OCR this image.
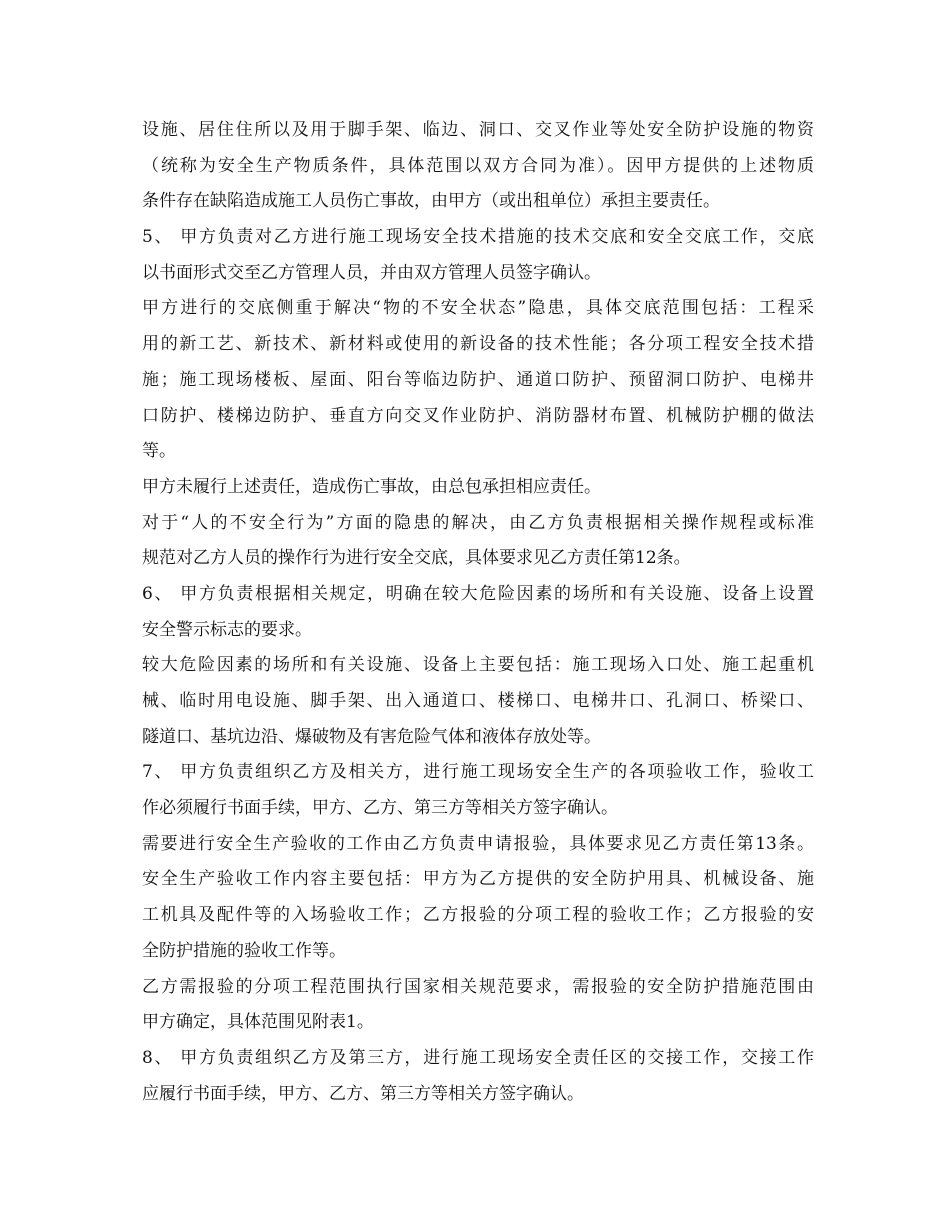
设施、居住住所以及用于脚手架、临边、洞口、交叉作业等处安全防护设施的物资
（统称为安全生产物质条件，具体范围以双方合同为准）。因甲方提供的上述物质
条件存在缺陷造成施工人员伤亡事故，由甲方（或出租单位）承担主要责任。
5、 甲方负责对乙方进行施工现场安全技术措施的技术交底和安全交底工作，交底
以书面形式交至乙方管理人员，并由双方管理人员签字确认。
甲方进行的交底侧重于解决“物的不安全状态”隐患，具体交底范围包括：工程采
用的新工艺、新技术、新材料或使用的新设备的技术性能；各分项工程安全技术措
施；施工现场楼板、屋面、阳台等临边防护、通道口防护、预留洞口防护、电梯井
口防护、楼梯边防护、垂直方向交叉作业防护、消防器材布置、机械防护棚的做法
等。
甲方未履行上述责任，造成伤亡事故，由总包承担相应责任。
对于“人的不安全行为”方面的隐患的解决，由乙方负责根据相关操作规程或标准
规范对乙方人员的操作行为进行安全交底，具体要求见乙方责任第12条。
6、 甲方负责根据相关规定，明确在较大危险因素的场所和有关设施、设备上设置
安全警示标志的要求。
较大危险因素的场所和有关设施、设备上主要包括：施工现场入口处、施工起重机
械、临时用电设施、脚手架、出入通道口、楼梯口、电梯井口、孔洞口、桥梁口、
隧道口、基坑边沿、爆破物及有害危险气体和液体存放处等。
7、 甲方负责组织乙方及相关方，进行施工现场安全生产的各项验收工作，验收工
作必须履行书面手续，甲方、乙方、第三方等相关方签字确认。
需要进行安全生产验收的工作由乙方负责申请报验，具体要求见乙方责任第13条。
安全生产验收工作内容主要包括：甲方为乙方提供的安全防护用具、机械设备、施
工机具及配件等的入场验收工作；乙方报验的分项工程的验收工作；乙方报验的安
全防护措施的验收工作等。
乙方需报验的分项工程范围执行国家相关规范要求，需报验的安全防护措施范围由
甲方确定，具体范围见附表1。
8、 甲方负责组织乙方及第三方，进行施工现场安全责任区的交接工作，交接工作
应履行书面手续，甲方、乙方、第三方等相关方签字确认。
